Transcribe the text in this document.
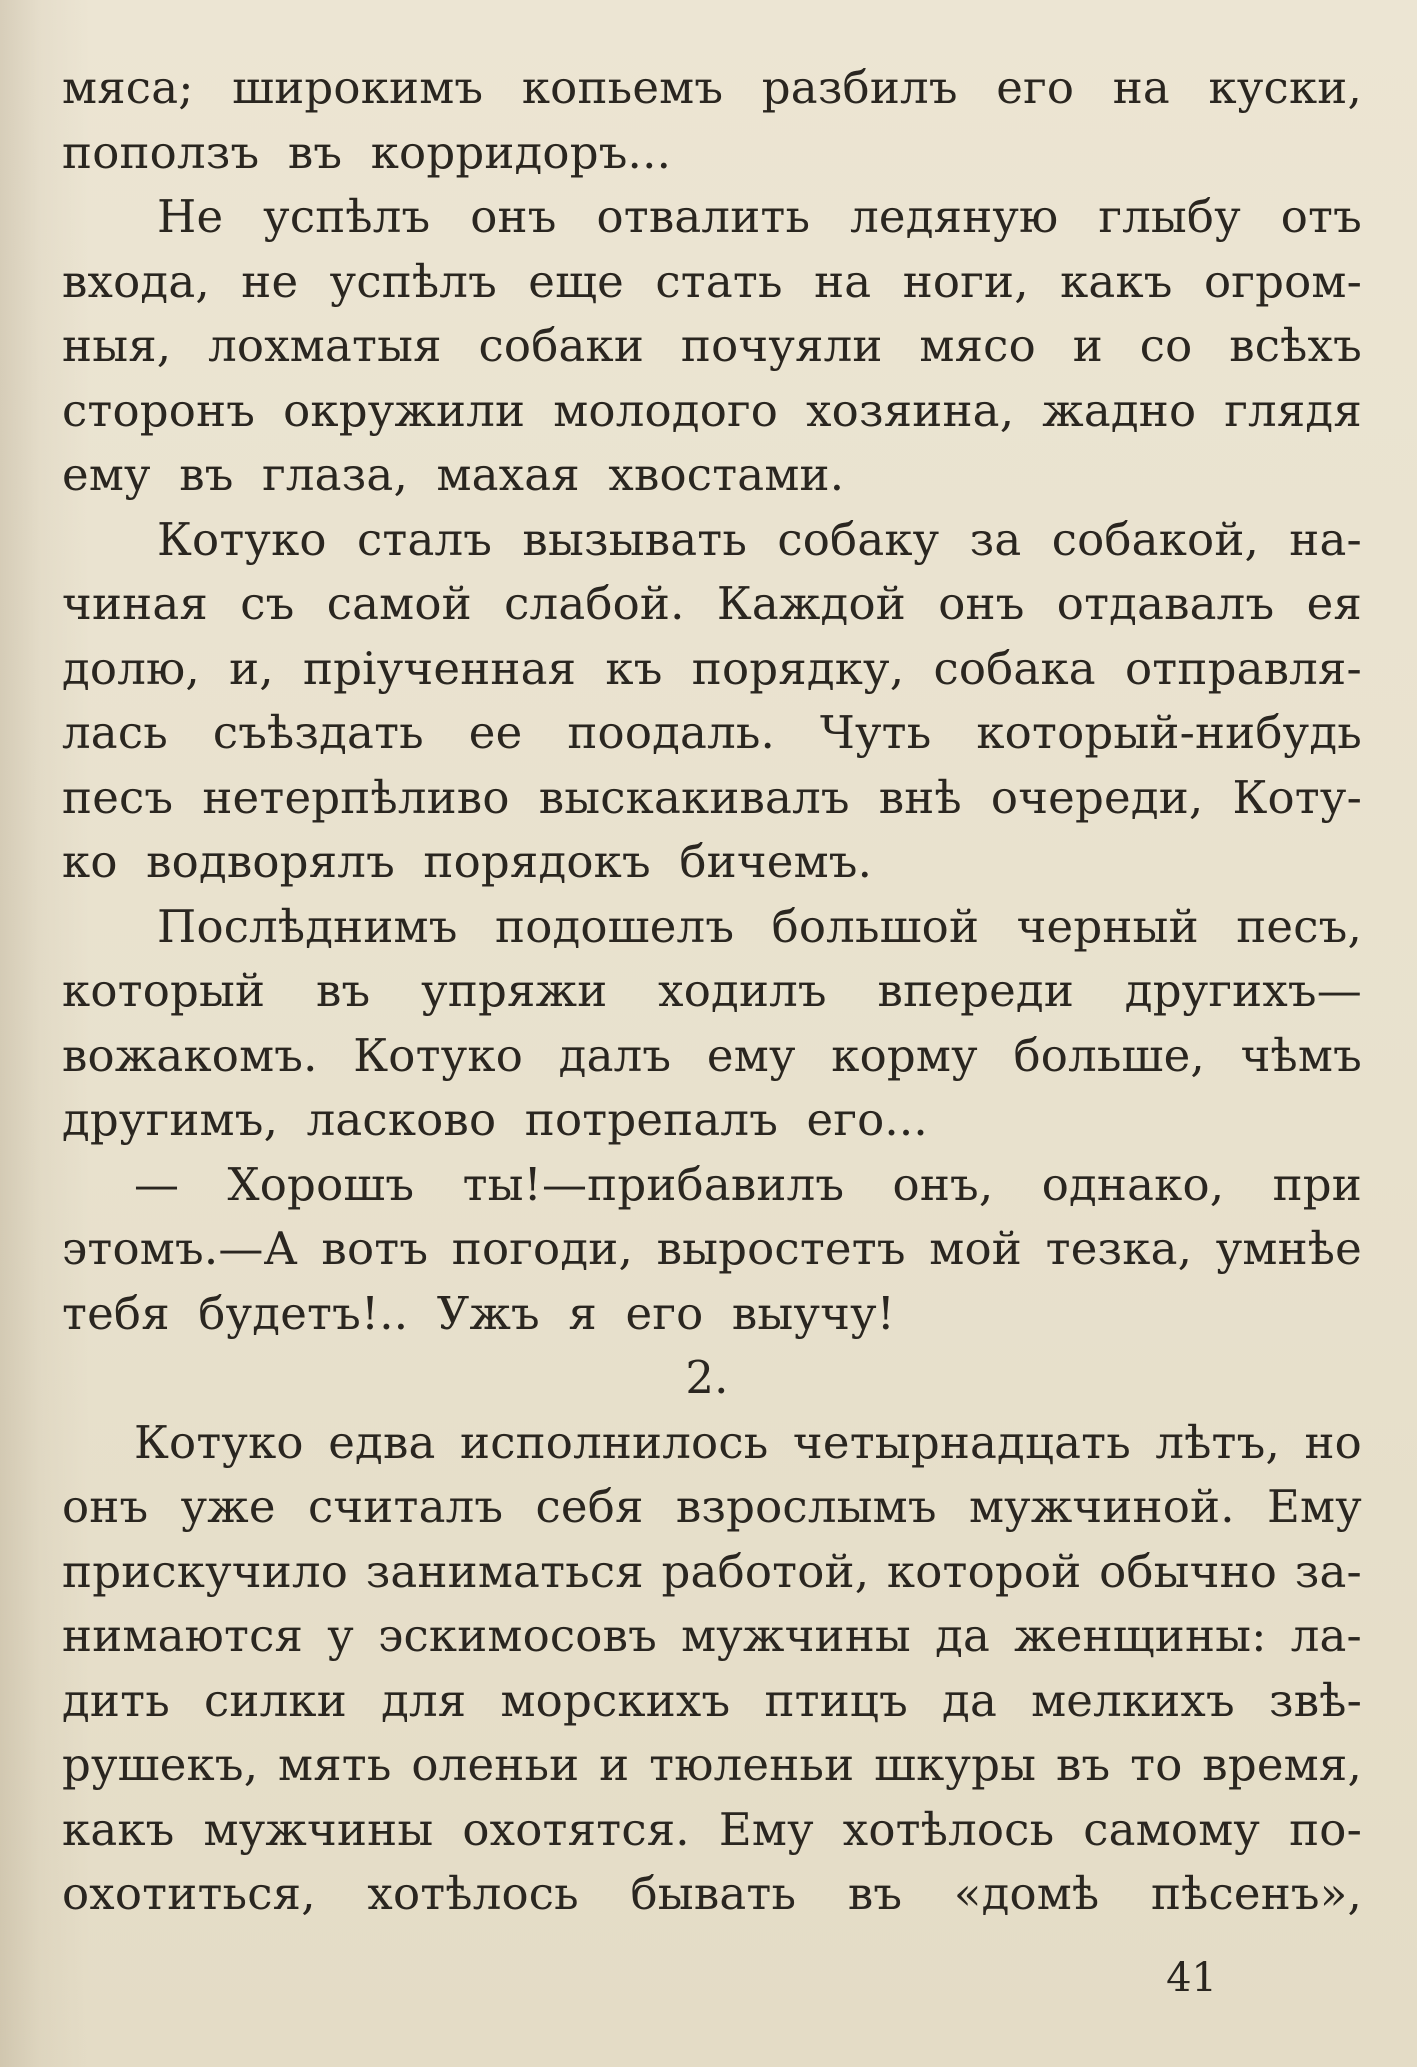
мяса; широкимъ копьемъ разбилъ его на куски,
поползъ въ корридоръ...
Не успѣлъ онъ отвалить ледяную глыбу отъ
входа, не успѣлъ еще стать на ноги, какъ огром-
ныя, лохматыя собаки почуяли мясо и со всѣхъ
сторонъ окружили молодого хозяина, жадно глядя
ему въ глаза, махая хвостами.
Котуко сталъ вызывать собаку за собакой, на-
чиная съ самой слабой. Каждой онъ отдавалъ ея
долю, и, пріученная къ порядку, собака отправля-
лась съѣздать ее поодаль. Чуть который-нибудь
песъ нетерпѣливо выскакивалъ внѣ очереди, Коту-
ко водворялъ порядокъ бичемъ.
Послѣднимъ подошелъ большой черный песъ,
который въ упряжи ходилъ впереди другихъ—
вожакомъ. Котуко далъ ему корму больше, чѣмъ
другимъ, ласково потрепалъ его...
— Хорошъ ты!—прибавилъ онъ, однако, при
этомъ.—А вотъ погоди, выростетъ мой тезка, умнѣе
тебя будетъ!.. Ужъ я его выучу!
2.
Котуко едва исполнилось четырнадцать лѣтъ, но
онъ уже считалъ себя взрослымъ мужчиной. Ему
прискучило заниматься работой, которой обычно за-
нимаются у эскимосовъ мужчины да женщины: ла-
дить силки для морскихъ птицъ да мелкихъ звѣ-
рушекъ, мять оленьи и тюленьи шкуры въ то время,
какъ мужчины охотятся. Ему хотѣлось самому по-
охотиться, хотѣлось бывать въ «домѣ пѣсенъ»,
41
